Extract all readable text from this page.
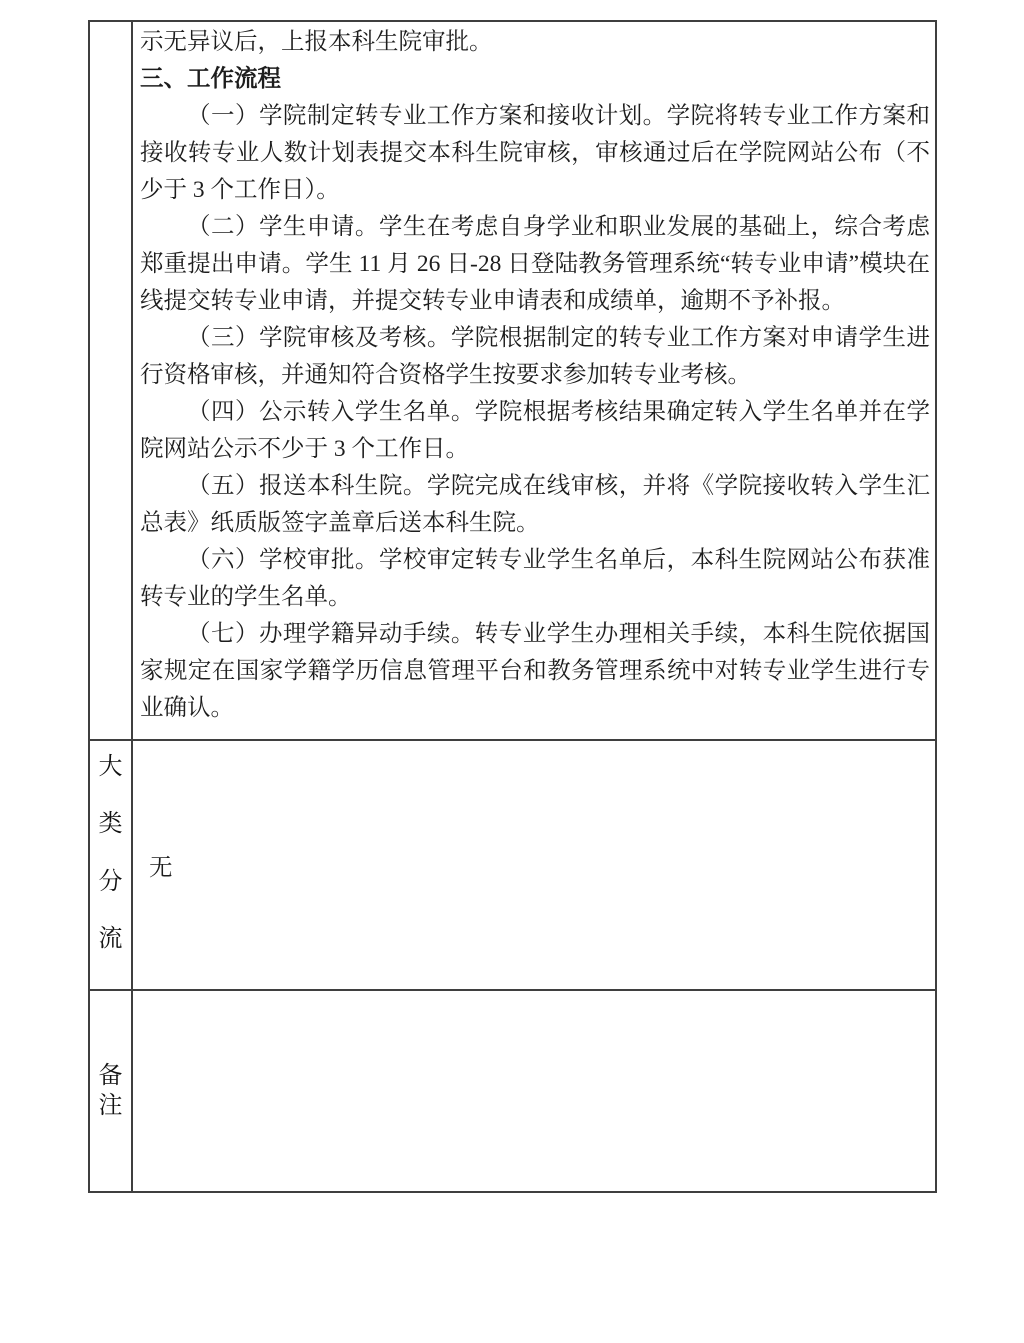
示无异议后，上报本科生院审批。

三、工作流程

（一）学院制定转专业工作方案和接收计划。学院将转专业工作方案和接收转专业人数计划表提交本科生院审核，审核通过后在学院网站公布（不少于 3 个工作日）。

（二）学生申请。学生在考虑自身学业和职业发展的基础上，综合考虑郑重提出申请。学生 11 月 26 日-28 日登陆教务管理系统“转专业申请”模块在线提交转专业申请，并提交转专业申请表和成绩单，逾期不予补报。

（三）学院审核及考核。学院根据制定的转专业工作方案对申请学生进行资格审核，并通知符合资格学生按要求参加转专业考核。

（四）公示转入学生名单。学院根据考核结果确定转入学生名单并在学院网站公示不少于 3 个工作日。

（五）报送本科生院。学院完成在线审核，并将《学院接收转入学生汇总表》纸质版签字盖章后送本科生院。

（六）学校审批。学校审定转专业学生名单后，本科生院网站公布获准转专业的学生名单。

（七）办理学籍异动手续。转专业学生办理相关手续，本科生院依据国家规定在国家学籍学历信息管理平台和教务管理系统中对转专业学生进行专业确认。

大
类
分
流
无
备
注
